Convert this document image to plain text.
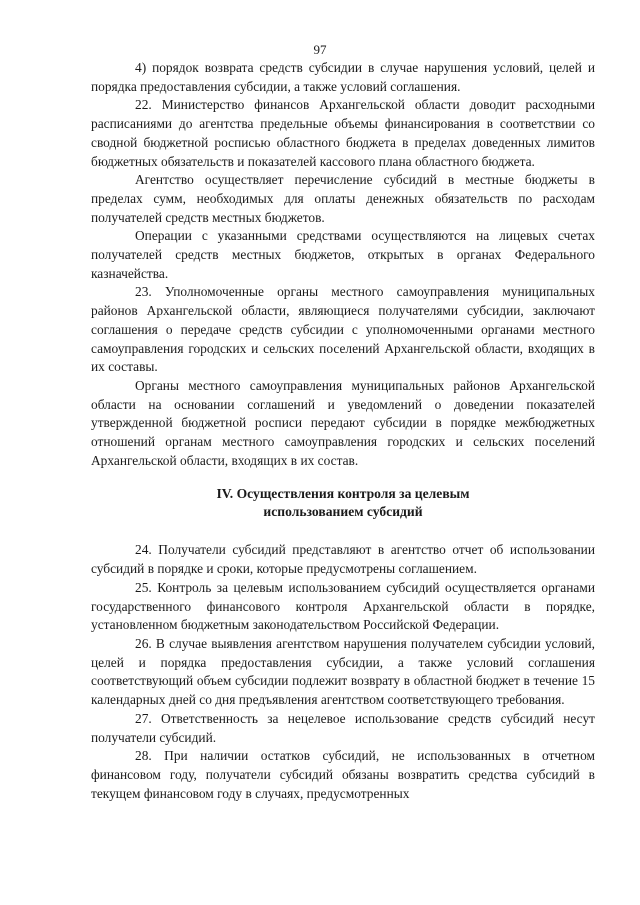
97

4) порядок возврата средств субсидии в случае нарушения условий, целей и порядка предоставления субсидии, а также условий соглашения.

22. Министерство финансов Архангельской области доводит расходными расписаниями до агентства предельные объемы финансирования в соответствии со сводной бюджетной росписью областного бюджета в пределах доведенных лимитов бюджетных обязательств и показателей кассового плана областного бюджета.

Агентство осуществляет перечисление субсидий в местные бюджеты в пределах сумм, необходимых для оплаты денежных обязательств по расходам получателей средств местных бюджетов.

Операции с указанными средствами осуществляются на лицевых счетах получателей средств местных бюджетов, открытых в органах Федерального казначейства.

23. Уполномоченные органы местного самоуправления муниципальных районов Архангельской области, являющиеся получателями субсидии, заключают соглашения о передаче средств субсидии с уполномоченными органами местного самоуправления городских и сельских поселений Архангельской области, входящих в их составы.

Органы местного самоуправления муниципальных районов Архангельской области на основании соглашений и уведомлений о доведении показателей утвержденной бюджетной росписи передают субсидии в порядке межбюджетных отношений органам местного самоуправления городских и сельских поселений Архангельской области, входящих в их состав.

IV. Осуществления контроля за целевым
использованием субсидий

24. Получатели субсидий представляют в агентство отчет об использовании субсидий в порядке и сроки, которые предусмотрены соглашением.

25. Контроль за целевым использованием субсидий осуществляется органами государственного финансового контроля Архангельской области в порядке, установленном бюджетным законодательством Российской Федерации.

26. В случае выявления агентством нарушения получателем субсидии условий, целей и порядка предоставления субсидии, а также условий соглашения соответствующий объем субсидии подлежит возврату в областной бюджет в течение 15 календарных дней со дня предъявления агентством соответствующего требования.

27. Ответственность за нецелевое использование средств субсидий несут получатели субсидий.

28. При наличии остатков субсидий, не использованных в отчетном финансовом году, получатели субсидий обязаны возвратить средства субсидий в текущем финансовом году в случаях, предусмотренных
